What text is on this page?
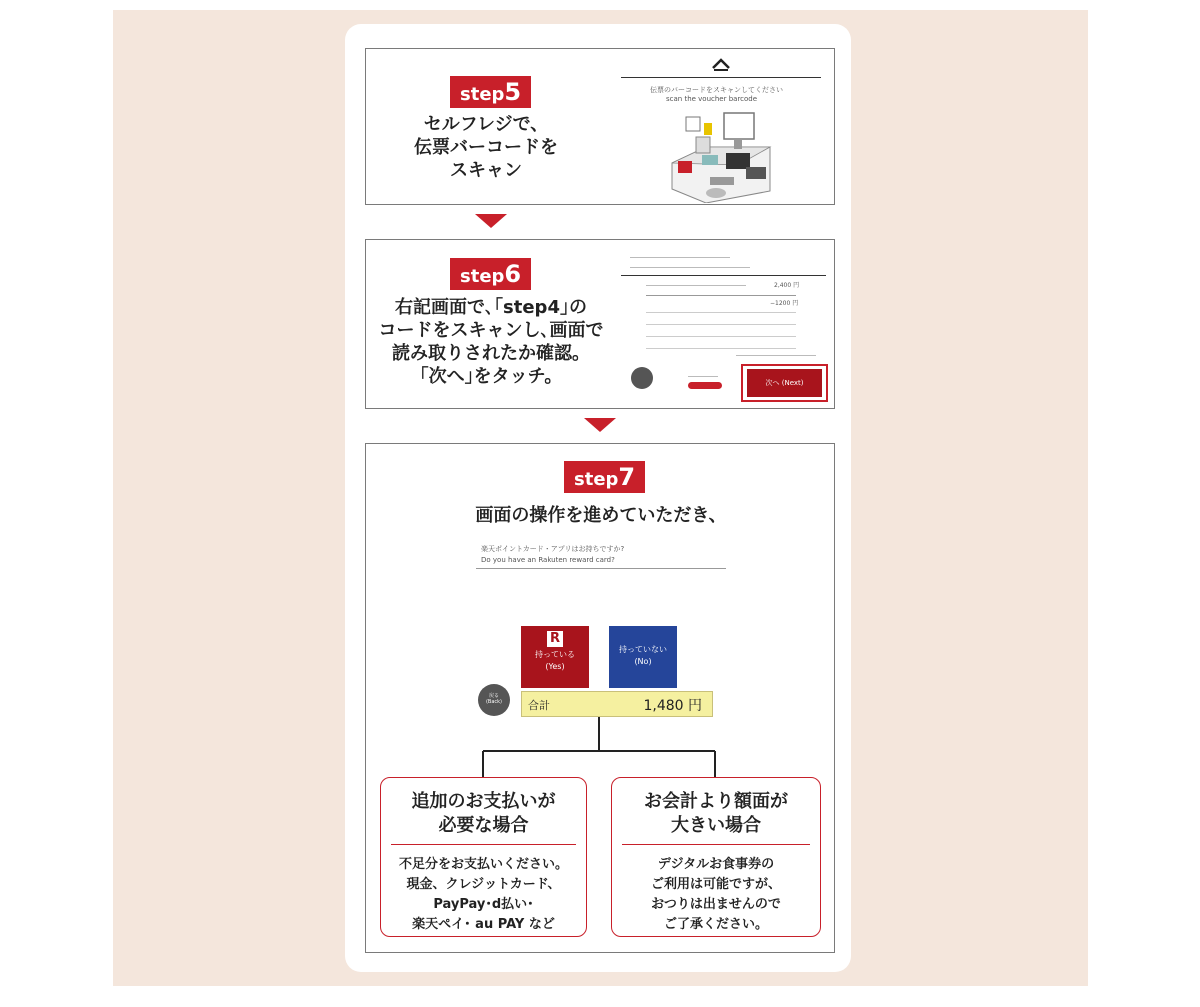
step5
セルフレジで、
伝票バーコードを
スキャン
伝票のバーコードをスキャンしてください
scan the voucher barcode
step6
右記画面で､｢step4｣の
コードをスキャンし､画面で
読み取りされたか確認。
｢次へ｣をタッチ。
2,400 円
−1200 円
次へ (Next)
step7
画面の操作を進めていただき、
楽天ポイントカード・アプリはお持ちですか?
Do you have an Rakuten reward card?
R
持っている
(Yes)
持っていない
(No)
戻る
(Back)	合計	1,480 円
追加のお支払いが
必要な場合
不足分をお支払いください。
現金、クレジットカード、
PayPay･d払い･
楽天ペイ･ au PAY など
お会計より額面が
大きい場合
デジタルお食事券の
ご利用は可能ですが、
おつりは出ませんので
ご了承ください。
